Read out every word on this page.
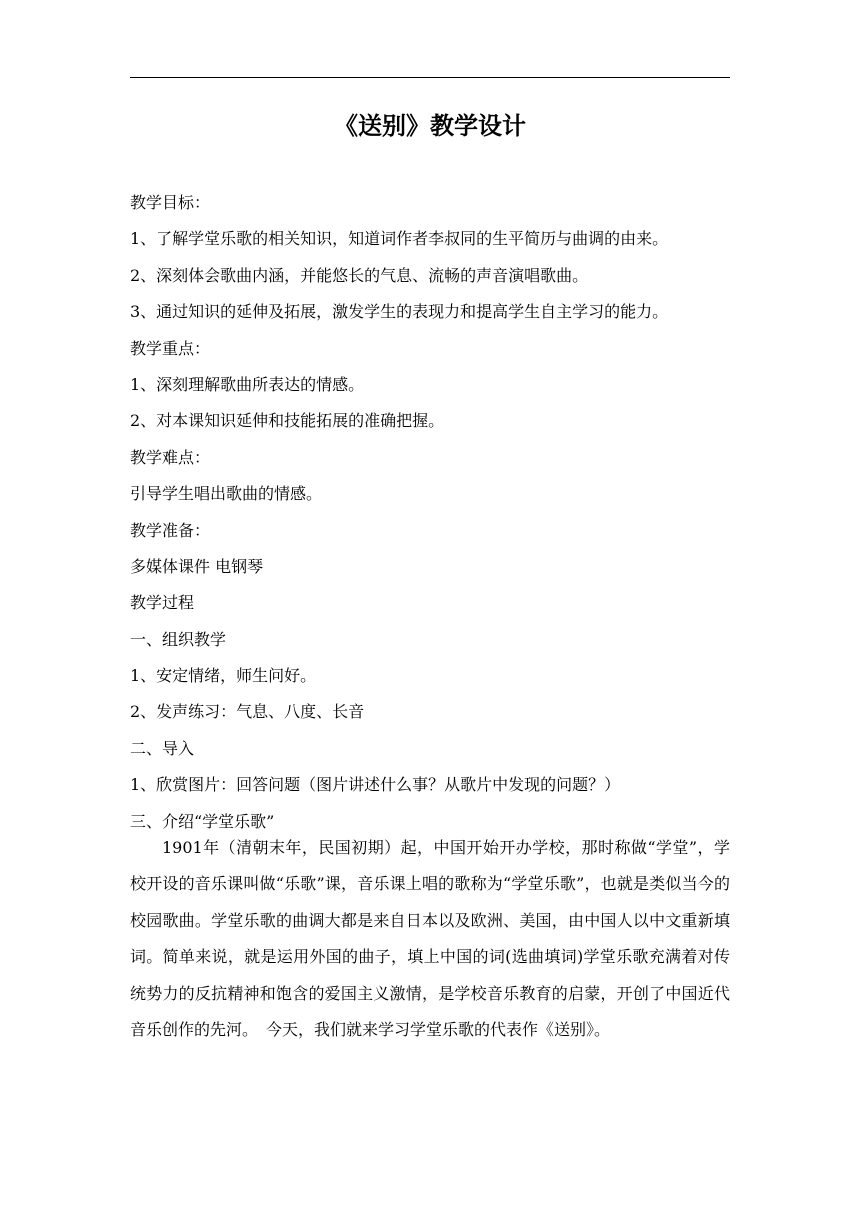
《送别》教学设计
教学目标：
1、了解学堂乐歌的相关知识，知道词作者李叔同的生平简历与曲调的由来。
2、深刻体会歌曲内涵，并能悠长的气息、流畅的声音演唱歌曲。
3、通过知识的延伸及拓展，激发学生的表现力和提高学生自主学习的能力。
教学重点：
1、深刻理解歌曲所表达的情感。
2、对本课知识延伸和技能拓展的准确把握。
教学难点：
引导学生唱出歌曲的情感。
教学准备：
多媒体课件 电钢琴
教学过程
一、组织教学
1、安定情绪，师生问好。
2、发声练习：气息、八度、长音
二、导入
1、欣赏图片：回答问题（图片讲述什么事？从歌片中发现的问题？）
三、介绍“学堂乐歌”
1901年（清朝末年，民国初期）起，中国开始开办学校，那时称做“学堂”，学校开设的音乐课叫做“乐歌”课，音乐课上唱的歌称为“学堂乐歌”，也就是类似当今的校园歌曲。学堂乐歌的曲调大都是来自日本以及欧洲、美国，由中国人以中文重新填词。简单来说，就是运用外国的曲子，填上中国的词(选曲填词)学堂乐歌充满着对传统势力的反抗精神和饱含的爱国主义激情，是学校音乐教育的启蒙，开创了中国近代音乐创作的先河。　今天，我们就来学习学堂乐歌的代表作《送别》。
